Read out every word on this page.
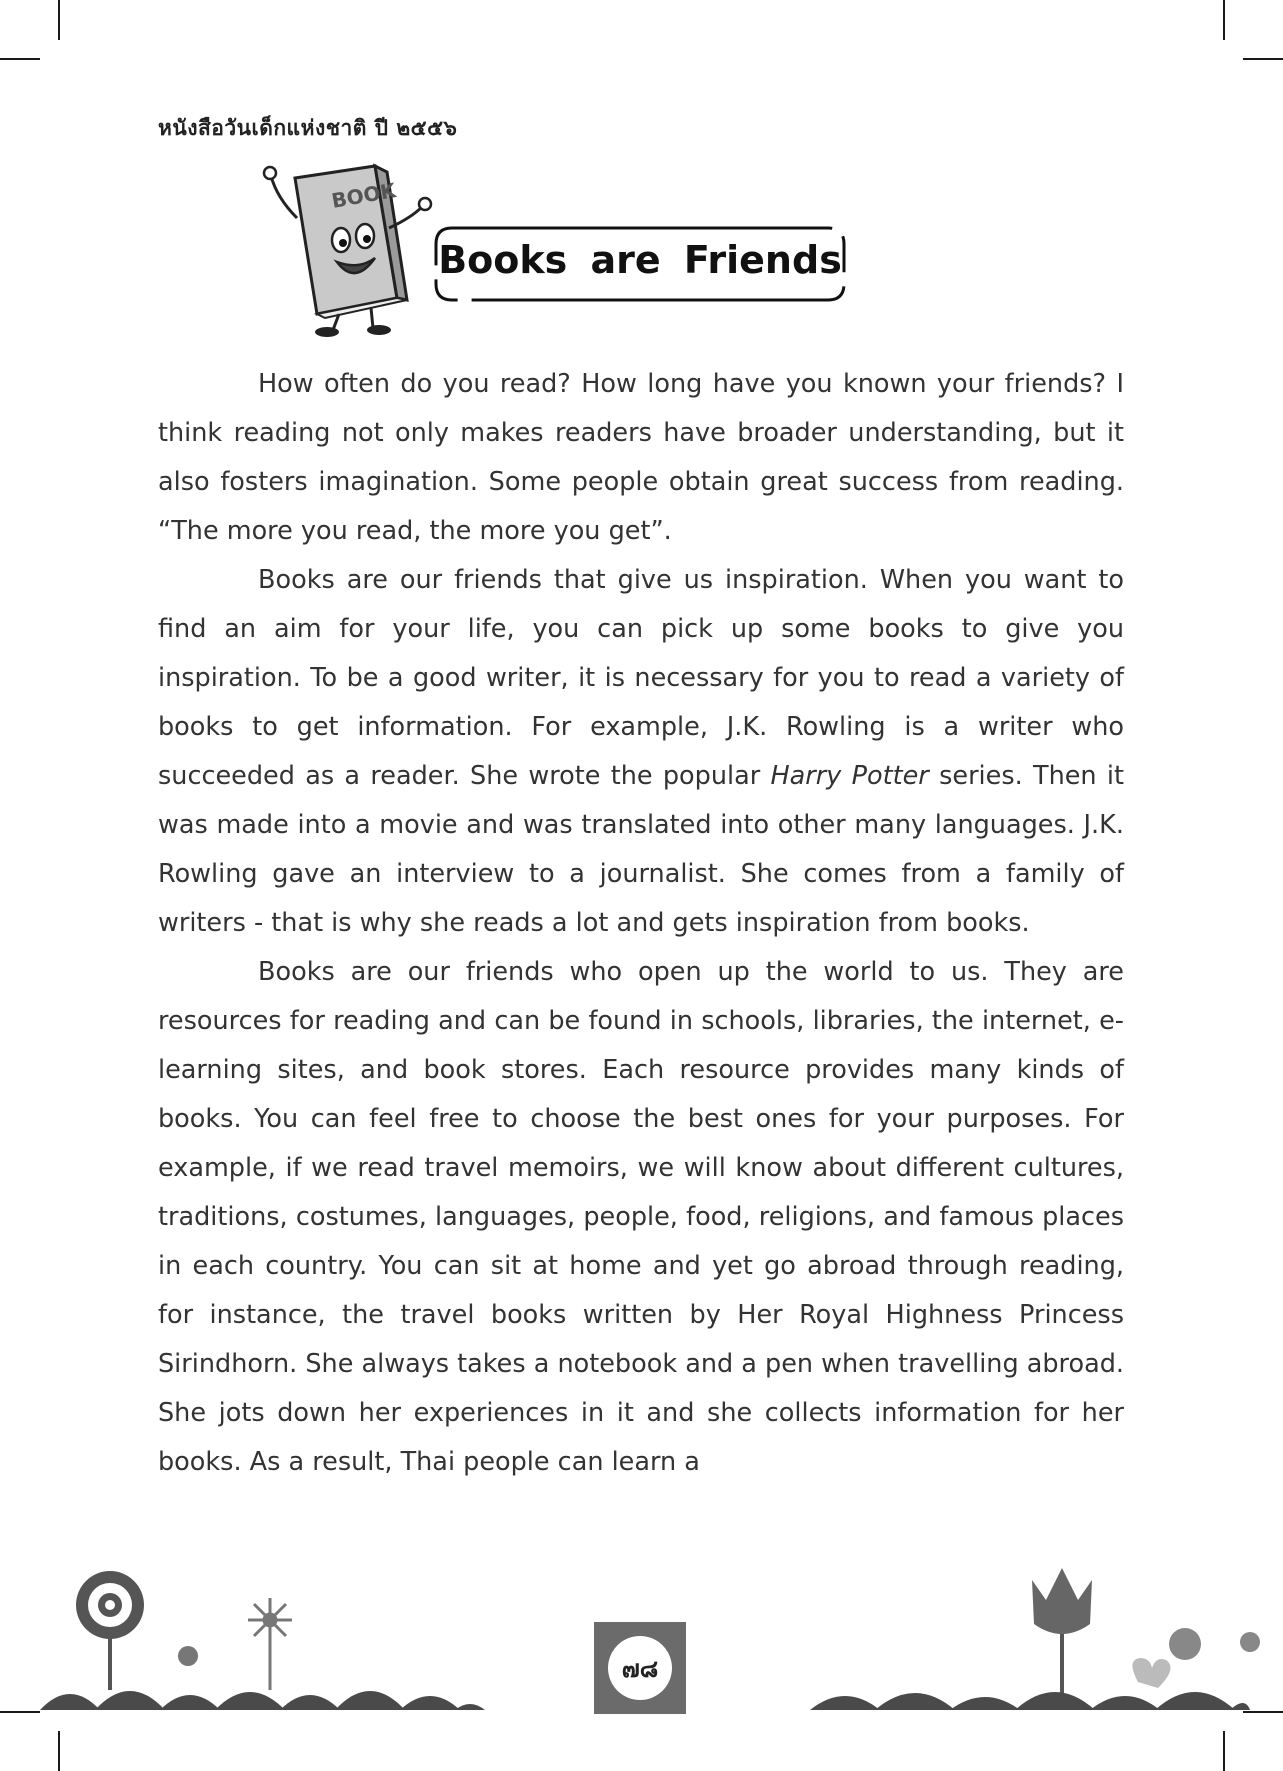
หนังสือวันเด็กแห่งชาติ ปี ๒๕๕๖
BOOK
Books are Friends

How often do you read? How long have you known your friends? I think reading not only makes readers have broader understanding, but it also fosters imagination. Some people obtain great success from reading. “The more you read, the more you get”.

Books are our friends that give us inspiration. When you want to find an aim for your life, you can pick up some books to give you inspiration. To be a good writer, it is necessary for you to read a variety of books to get information. For example, J.K. Rowling is a writer who succeeded as a reader. She wrote the popular Harry Potter series. Then it was made into a movie and was translated into other many languages. J.K. Rowling gave an interview to a journalist. She comes from a family of writers - that is why she reads a lot and gets inspiration from books.

Books are our friends who open up the world to us. They are resources for reading and can be found in schools, libraries, the internet, e-learning sites, and book stores. Each resource provides many kinds of books. You can feel free to choose the best ones for your purposes. For example, if we read travel memoirs, we will know about different cultures, traditions, costumes, languages, people, food, religions, and famous places in each country. You can sit at home and yet go abroad through reading, for instance, the travel books written by Her Royal Highness Princess Sirindhorn. She always takes a notebook and a pen when travelling abroad. She jots down her experiences in it and she collects information for her books. As a result, Thai people can learn a

๗๘
